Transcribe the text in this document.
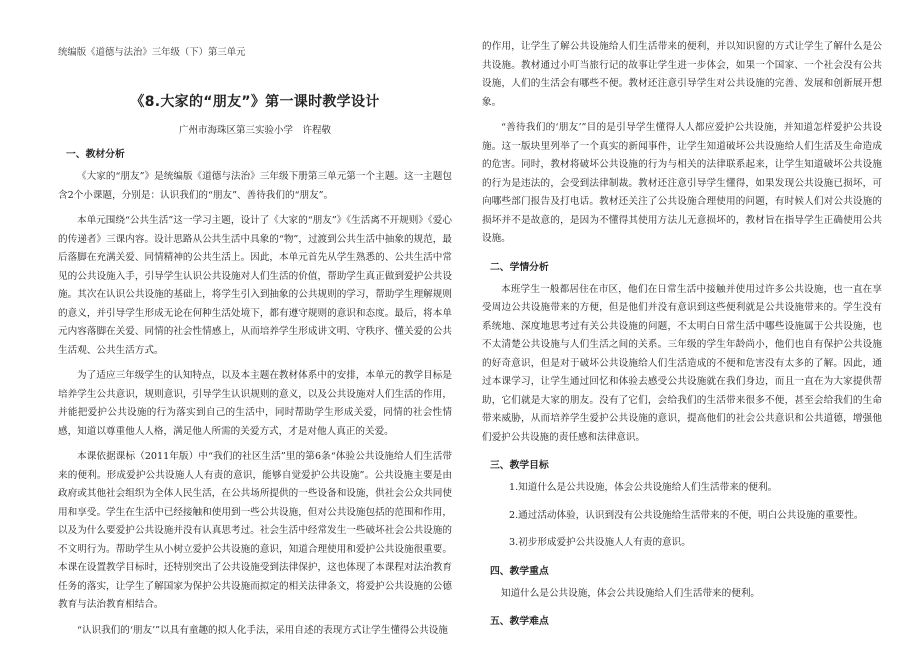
统编版《道德与法治》三年级（下）第三单元
《8.大家的“朋友”》第一课时教学设计
广州市海珠区第三实验小学　许程敬
一、教材分析

《大家的“朋友”》是统编版《道德与法治》三年级下册第三单元第一个主题。这一主题包含2个小课题，分别是：认识我们的“朋友”、善待我们的“朋友”。

本单元围绕“公共生活”这一学习主题，设计了《大家的“朋友”》《生活离不开规则》《爱心的传递者》三课内容。设计思路从公共生活中具象的“物”，过渡到公共生活中抽象的规范，最后落脚在充满关爱、同情精神的公共生活上。因此，本单元首先从学生熟悉的、公共生活中常见的公共设施入手，引导学生认识公共设施对人们生活的价值，帮助学生真正做到爱护公共设施。其次在认识公共设施的基础上，将学生引入到抽象的公共规则的学习，帮助学生理解规则的意义，并引导学生形成无论在何种生活处境下，都有遵守规则的意识和态度。最后，将本单元内容落脚在关爱、同情的社会性情感上，从而培养学生形成讲文明、守秩序、懂关爱的公共生活观、公共生活方式。

为了适应三年级学生的认知特点，以及本主题在教材体系中的安排，本单元的教学目标是培养学生公共意识，规则意识，引导学生认识规则的意义，以及公共设施对人们生活的作用，并能把爱护公共设施的行为落实到自己的生活中，同时帮助学生形成关爱，同情的社会性情感，知道以尊重他人人格，满足他人所需的关爱方式，才是对他人真正的关爱。

本课依据课标（2011年版）中“我们的社区生活”里的第6条“体验公共设施给人们生活带来的便利。形成爱护公共设施人人有责的意识，能够自觉爱护公共设施”。公共设施主要是由政府或其他社会组织为全体人民生活，在公共场所提供的一些设备和设施，供社会公众共同使用和享受。学生在生活中已经接触和使用到一些公共设施，但对公共设施包括的范围和作用，以及为什么要爱护公共设施并没有认真思考过。社会生活中经常发生一些破坏社会公共设施的不文明行为。帮助学生从小树立爱护公共设施的意识，知道合理使用和爱护公共设施很重要。本课在设置教学目标时，还特别突出了公共设施受到法律保护，这也体现了本课程对法治教育任务的落实，让学生了解国家为保护公共设施而拟定的相关法律条文，将爱护公共设施的公德教育与法治教育相结合。

“认识我们的‘朋友’”以具有童趣的拟人化手法，采用自述的表现方式让学生懂得公共设施

的作用，让学生了解公共设施给人们生活带来的便利，并以知识窗的方式让学生了解什么是公共设施。教材通过小叮当旅行记的故事让学生进一步体会，如果一个国家、一个社会没有公共设施，人们的生活会有哪些不便。教材还注意引导学生对公共设施的完善、发展和创新展开想象。

“善待我们的‘朋友’”目的是引导学生懂得人人都应爱护公共设施，并知道怎样爱护公共设施。这一版块里列举了一个真实的新闻事件，让学生知道破坏公共设施给人们生活及生命造成的危害。同时，教材将破坏公共设施的行为与相关的法律联系起来，让学生知道破坏公共设施的行为是违法的，会受到法律制裁。教材还注意引导学生懂得，如果发现公共设施已损坏，可向哪些部门报告及打电话。教材还关注了公共设施合理使用的问题，有时候人们对公共设施的损坏并不是故意的，是因为不懂得其使用方法儿无意损坏的，教材旨在指导学生正确使用公共设施。

二、学情分析

本班学生一般都居住在市区，他们在日常生活中接触并使用过许多公共设施，也一直在享受周边公共设施带来的方便，但是他们并没有意识到这些便利就是公共设施带来的。学生没有系统地、深度地思考过有关公共设施的问题，不太明白日常生活中哪些设施属于公共设施，也不太清楚公共设施与人们生活之间的关系。三年级的学生年龄尚小，他们也自有保护公共设施的好奇意识，但是对于破坏公共设施给人们生活造成的不便和危害没有太多的了解。因此，通过本课学习，让学生通过回忆和体验去感受公共设施就在我们身边，而且一直在为大家提供帮助，它们就是大家的朋友。没有了它们，会给我们的生活带来很多不便，甚至会给我们的生命带来威胁，从而培养学生爱护公共设施的意识，提高他们的社会公共意识和公共道德，增强他们爱护公共设施的责任感和法律意识。

三、教学目标
1.知道什么是公共设施，体会公共设施给人们生活带来的便利。
2.通过活动体验，认识到没有公共设施给生活带来的不便，明白公共设施的重要性。
3.初步形成爱护公共设施人人有责的意识。
四、教学重点

知道什么是公共设施，体会公共设施给人们生活带来的便利。

五、教学难点
